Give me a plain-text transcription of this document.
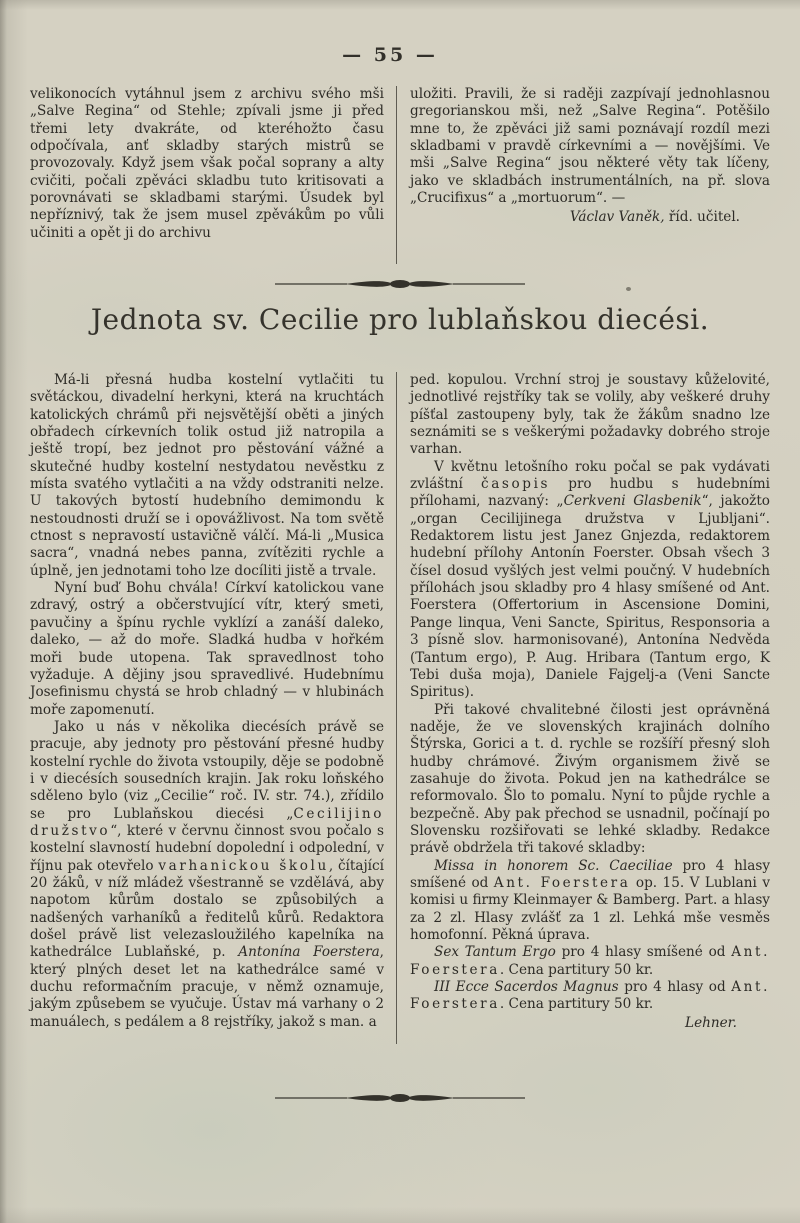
— 55 —

velikonocích vytáhnul jsem z archivu svého mši „Salve Regina“ od Stehle; zpívali jsme ji před třemi lety dvakráte, od kteréhožto času odpočívala, anť skladby starých mistrů se provozovaly. Když jsem však počal soprany a alty cvičiti, počali zpěváci skladbu tuto kritisovati a porovnávati se skladbami starými. Úsudek byl nepříznivý, tak že jsem musel zpěvákům po vůli učiniti a opět ji do archivu

uložiti. Pravili, že si raději zazpívají jednohlasnou gregorianskou mši, než „Salve Regina“. Potěšilo mne to, že zpěváci již sami poznávají rozdíl mezi skladbami v pravdě církevními a — novějšími. Ve mši „Salve Regina“ jsou některé věty tak líčeny, jako ve skladbách instrumentálních, na př. slova „Crucifixus“ a „mortuorum“. —

Václav Vaněk, říd. učitel.
Jednota sv. Cecilie pro lublaňskou diecési.

Má-li přesná hudba kostelní vytlačiti tu světáckou, divadelní herkyni, která na kruchtách katolických chrámů při nejsvětější oběti a jiných obřadech církevních tolik ostud již natropila a ještě tropí, bez jednot pro pěstování vážné a skutečné hudby kostelní nestydatou nevěstku z místa svatého vytlačiti a na vždy odstraniti nelze. U takových bytostí hudebního demimondu k nestoudnosti druží se i opovážlivost. Na tom světě ctnost s nepravostí ustavičně válčí. Má-li „Musica sacra“, vnadná nebes panna, zvítěziti rychle a úplně, jen jednotami toho lze docíliti jistě a trvale.

Nyní buď Bohu chvála! Církví katolickou vane zdravý, ostrý a občerstvující vítr, který smeti, pavučiny a špínu rychle vyklízí a zanáší daleko, daleko, — až do moře. Sladká hudba v hořkém moři bude utopena. Tak spravedlnost toho vyžaduje. A dějiny jsou spravedlivé. Hudebnímu Josefinismu chystá se hrob chladný — v hlubinách moře zapomenutí.

Jako u nás v několika diecésích právě se pracuje, aby jednoty pro pěstování přesné hudby kostelní rychle do života vstoupily, děje se podobně i v diecésích sousedních krajin. Jak roku loňského sděleno bylo (viz „Cecilie“ roč. IV. str. 74.), zřídilo se pro Lublaňskou diecési „Cecilijino družstvo“, které v červnu činnost svou počalo s kostelní slavností hudební dopolední i odpolední, v říjnu pak otevřelo varhanickou školu, čítající 20 žáků, v níž mládež všestranně se vzdělává, aby napotom kůrům dostalo se způsobilých a nadšených varhaníků a ředitelů kůrů. Redaktora došel právě list velezasloužilého kapelníka na kathedrálce Lublaňské, p. Antonína Foerstera, který plných deset let na kathedrálce samé v duchu reformačním pracuje, v němž oznamuje, jakým způsebem se vyučuje. Ústav má varhany o 2 manuálech, s pedálem a 8 rejstříky, jakož s man. a

ped. kopulou. Vrchní stroj je soustavy kůželovité, jednotlivé rejstříky tak se volily, aby veškeré druhy píšťal zastoupeny byly, tak že žákům snadno lze seznámiti se s veškerými požadavky dobrého stroje varhan.

V květnu letošního roku počal se pak vydávati zvláštní časopis pro hudbu s hudebními přílohami, nazvaný: „Cerkveni Glasbenik“, jakožto „organ Cecilijinega družstva v Ljubljani“. Redaktorem listu jest Janez Gnjezda, redaktorem hudební přílohy Antonín Foerster. Obsah všech 3 čísel dosud vyšlých jest velmi poučný. V hudebních přílohách jsou skladby pro 4 hlasy smíšené od Ant. Foerstera (Offertorium in Ascensione Domini, Pange linqua, Veni Sancte, Spiritus, Responsoria a 3 písně slov. harmonisované), Antonína Nedvěda (Tantum ergo), P. Aug. Hribara (Tantum ergo, K Tebi duša moja), Daniele Fajgelj-a (Veni Sancte Spiritus).

Při takové chvalitebné čilosti jest oprávněná naděje, že ve slovenských krajinách dolního Štýrska, Gorici a t. d. rychle se rozšíří přesný sloh hudby chrámové. Živým organismem živě se zasahuje do života. Pokud jen na kathedrálce se reformovalo. Šlo to pomalu. Nyní to půjde rychle a bezpečně. Aby pak přechod se usnadnil, počínají po Slovensku rozšiřovati se lehké skladby. Redakce právě obdržela tři takové skladby:

Missa in honorem Sc. Caeciliae pro 4 hlasy smíšené od Ant. Foerstera op. 15. V Lublani v komisi u firmy Kleinmayer & Bamberg. Part. a hlasy za 2 zl. Hlasy zvlášť za 1 zl. Lehká mše vesměs homofonní. Pěkná úprava.

Sex Tantum Ergo pro 4 hlasy smíšené od Ant. Foerstera. Cena partitury 50 kr.

III Ecce Sacerdos Magnus pro 4 hlasy od Ant. Foerstera. Cena partitury 50 kr.

Lehner.
